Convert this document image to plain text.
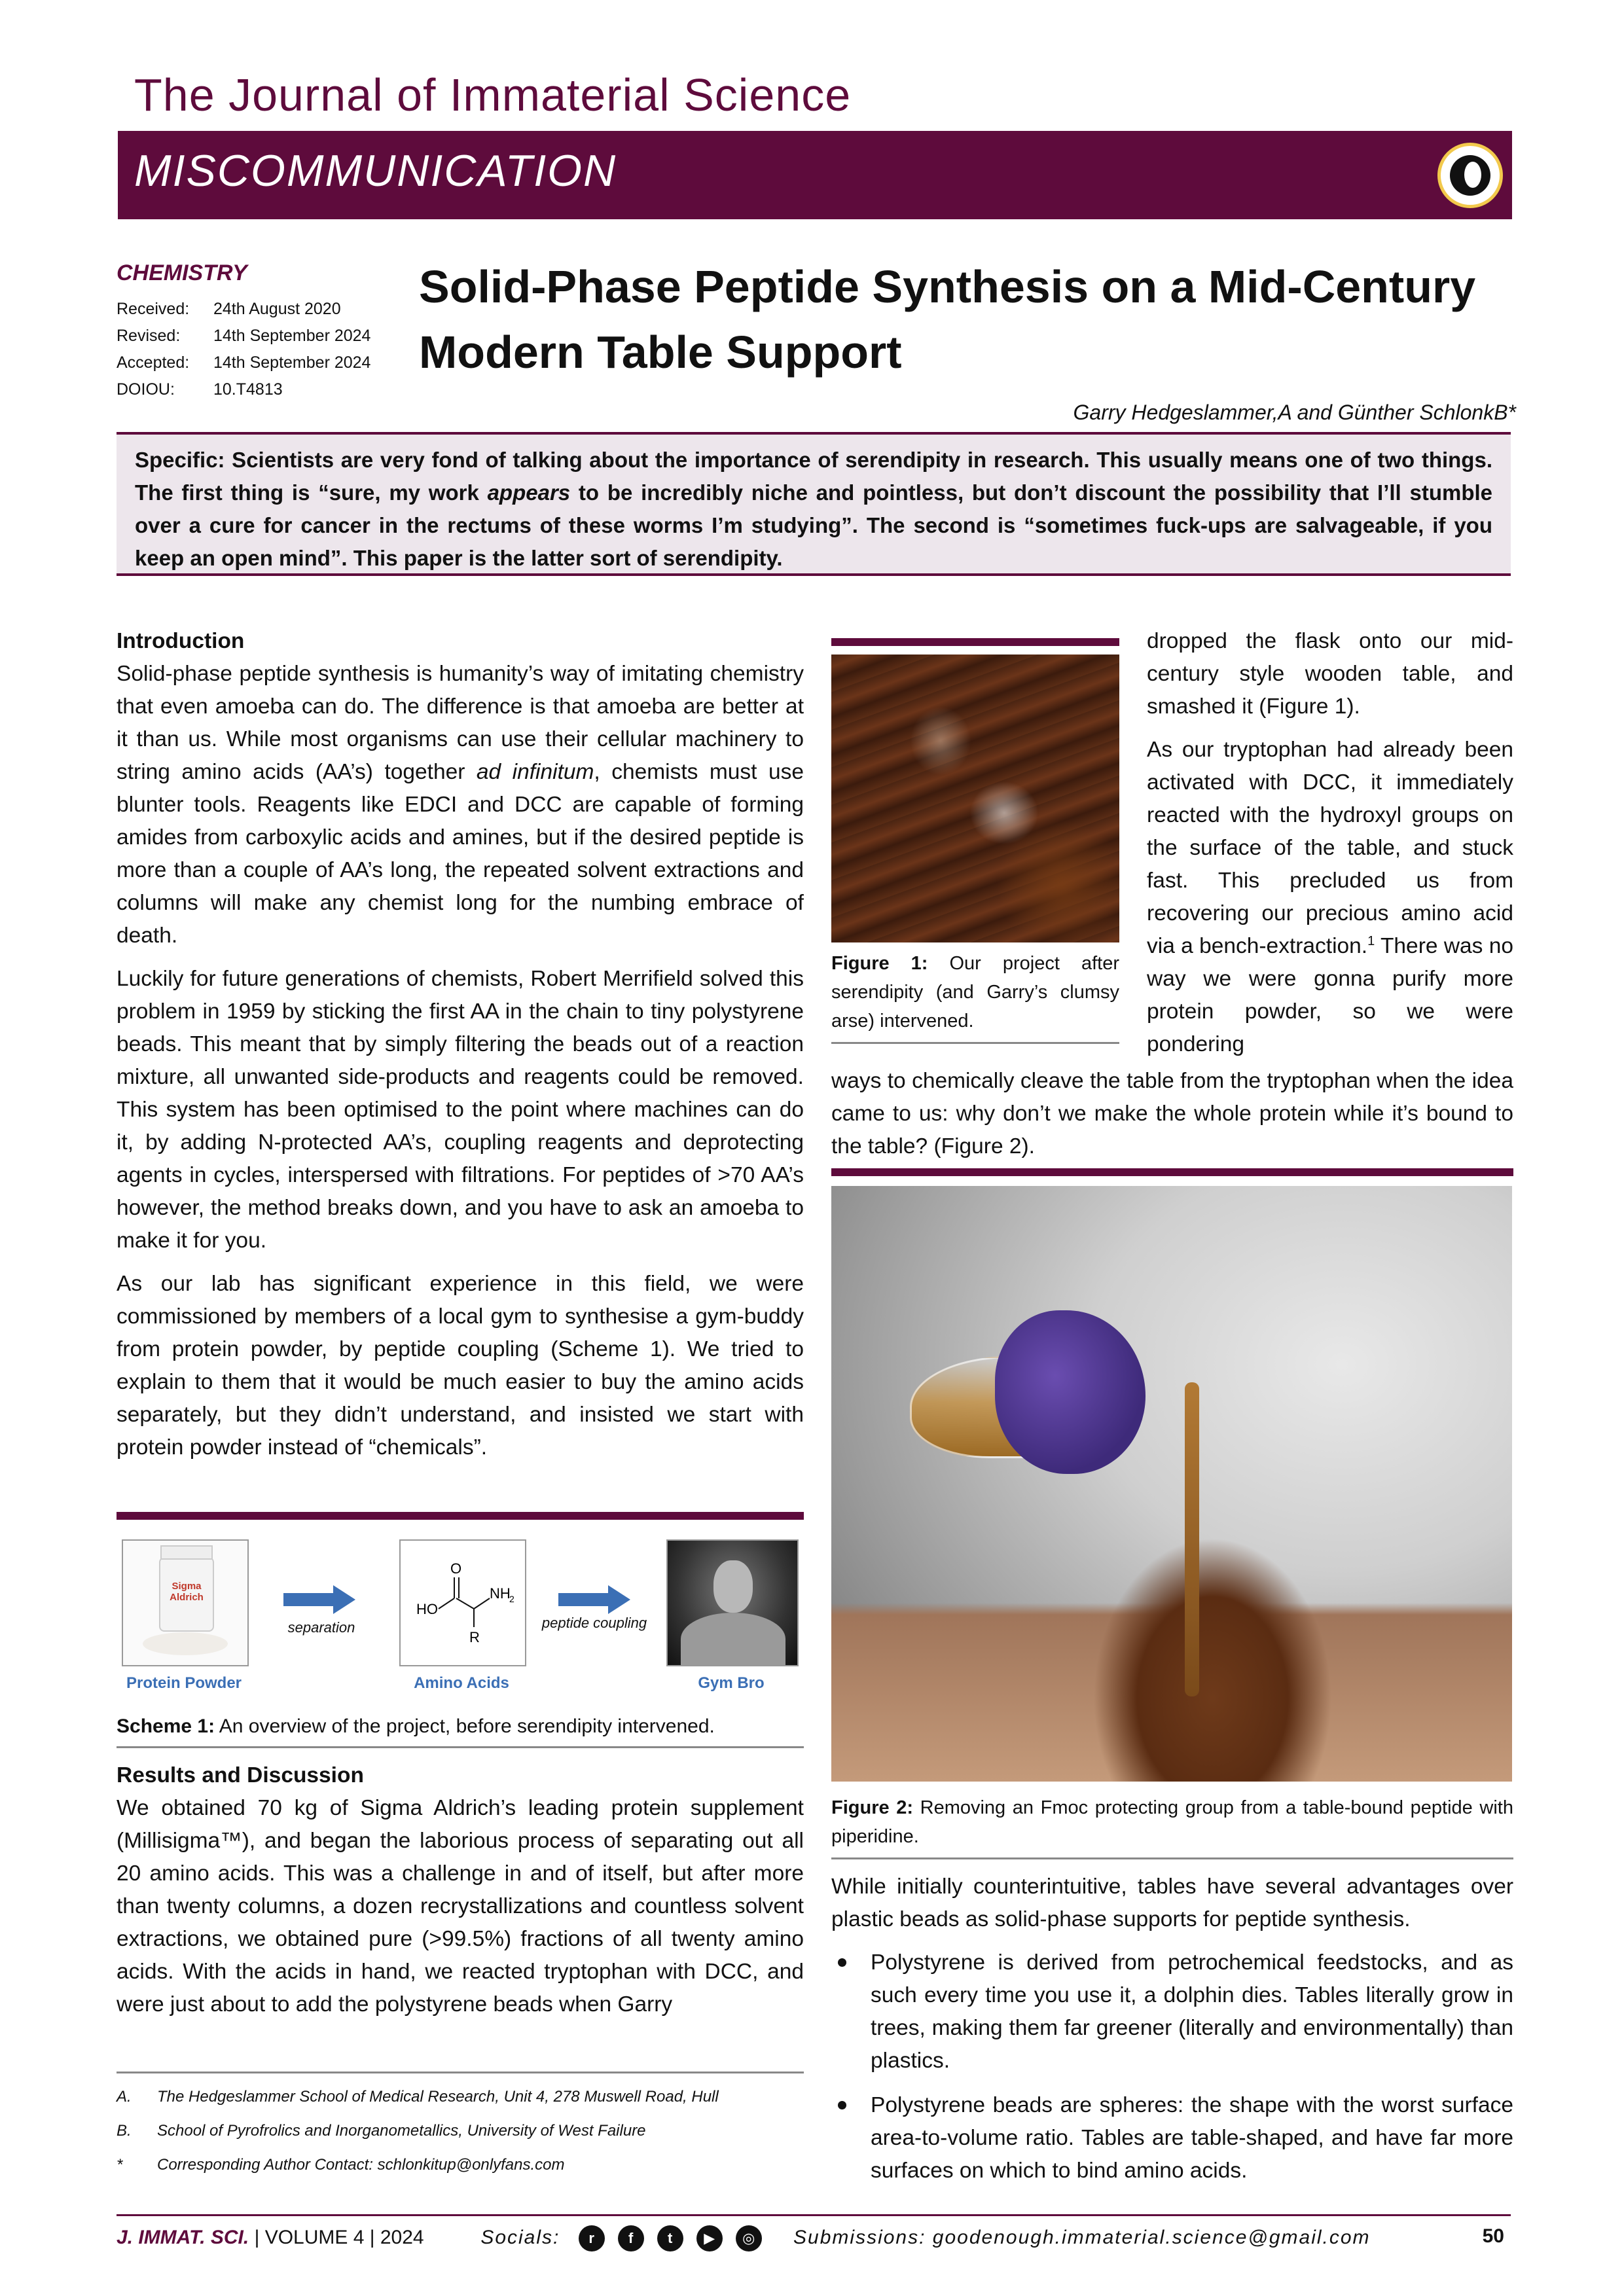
The Journal of Immaterial Science
MISCOMMUNICATION
CHEMISTRY
Received: 24th August 2020
Revised: 14th September 2024
Accepted: 14th September 2024
DOIOU: 10.T4813
Solid-Phase Peptide Synthesis on a Mid-Century Modern Table Support
Garry Hedgeslammer,A and Günther SchlonkB*
Specific: Scientists are very fond of talking about the importance of serendipity in research. This usually means one of two things. The first thing is “sure, my work appears to be incredibly niche and pointless, but don’t discount the possibility that I’ll stumble over a cure for cancer in the rectums of these worms I’m studying”. The second is “sometimes fuck-ups are salvageable, if you keep an open mind”. This paper is the latter sort of serendipity.
Introduction

Solid-phase peptide synthesis is humanity’s way of imitating chemistry that even amoeba can do. The difference is that amoeba are better at it than us. While most organisms can use their cellular machinery to string amino acids (AA’s) together ad infinitum, chemists must use blunter tools. Reagents like EDCI and DCC are capable of forming amides from carboxylic acids and amines, but if the desired peptide is more than a couple of AA’s long, the repeated solvent extractions and columns will make any chemist long for the numbing embrace of death.

Luckily for future generations of chemists, Robert Merrifield solved this problem in 1959 by sticking the first AA in the chain to tiny polystyrene beads. This meant that by simply filtering the beads out of a reaction mixture, all unwanted side-products and reagents could be removed. This system has been optimised to the point where machines can do it, by adding N-protected AA’s, coupling reagents and deprotecting agents in cycles, interspersed with filtrations. For peptides of >70 AA’s however, the method breaks down, and you have to ask an amoeba to make it for you.

As our lab has significant experience in this field, we were commissioned by members of a local gym to synthesise a gym-buddy from protein powder, by peptide coupling (Scheme 1). We tried to explain to them that it would be much easier to buy the amino acids separately, but they didn’t understand, and insisted we start with protein powder instead of “chemicals”.

Sigma Aldrich
separation
HO
O
NH
2
R
peptide coupling
Protein Powder	Amino Acids	Gym Bro
Scheme 1: An overview of the project, before serendipity intervened.
Results and Discussion

We obtained 70 kg of Sigma Aldrich’s leading protein supplement (Millisigma™), and began the laborious process of separating out all 20 amino acids. This was a challenge in and of itself, but after more than twenty columns, a dozen recrystallizations and countless solvent extractions, we obtained pure (>99.5%) fractions of all twenty amino acids. With the acids in hand, we reacted tryptophan with DCC, and were just about to add the polystyrene beads when Garry

A. The Hedgeslammer School of Medical Research, Unit 4, 278 Muswell Road, Hull
B. School of Pyrofrolics and Inorganometallics, University of West Failure
* Corresponding Author Contact: schlonkitup@onlyfans.com
Figure 1: Our project after serendipity (and Garry’s clumsy arse) intervened.

dropped the flask onto our mid-century style wooden table, and smashed it (Figure 1).

As our tryptophan had already been activated with DCC, it immediately reacted with the hydroxyl groups on the surface of the table, and stuck fast. This precluded us from recovering our precious amino acid via a bench-extraction.$^1$ There was no way we were gonna purify more protein powder, so we were pondering

ways to chemically cleave the table from the tryptophan when the idea came to us: why don’t we make the whole protein while it’s bound to the table? (Figure 2).

Figure 2: Removing an Fmoc protecting group from a table-bound peptide with piperidine.

While initially counterintuitive, tables have several advantages over plastic beads as solid-phase supports for peptide synthesis.

Polystyrene is derived from petrochemical feedstocks, and as such every time you use it, a dolphin dies. Tables literally grow in trees, making them far greener (literally and environmentally) than plastics.
Polystyrene beads are spheres: the shape with the worst surface area-to-volume ratio. Tables are table-shaped, and have far more surfaces on which to bind amino acids.
J. IMMAT. SCI. | VOLUME 4 | 2024	Socials: r f t ▶ ◎ Submissions: goodenough.immaterial.science@gmail.com	50
